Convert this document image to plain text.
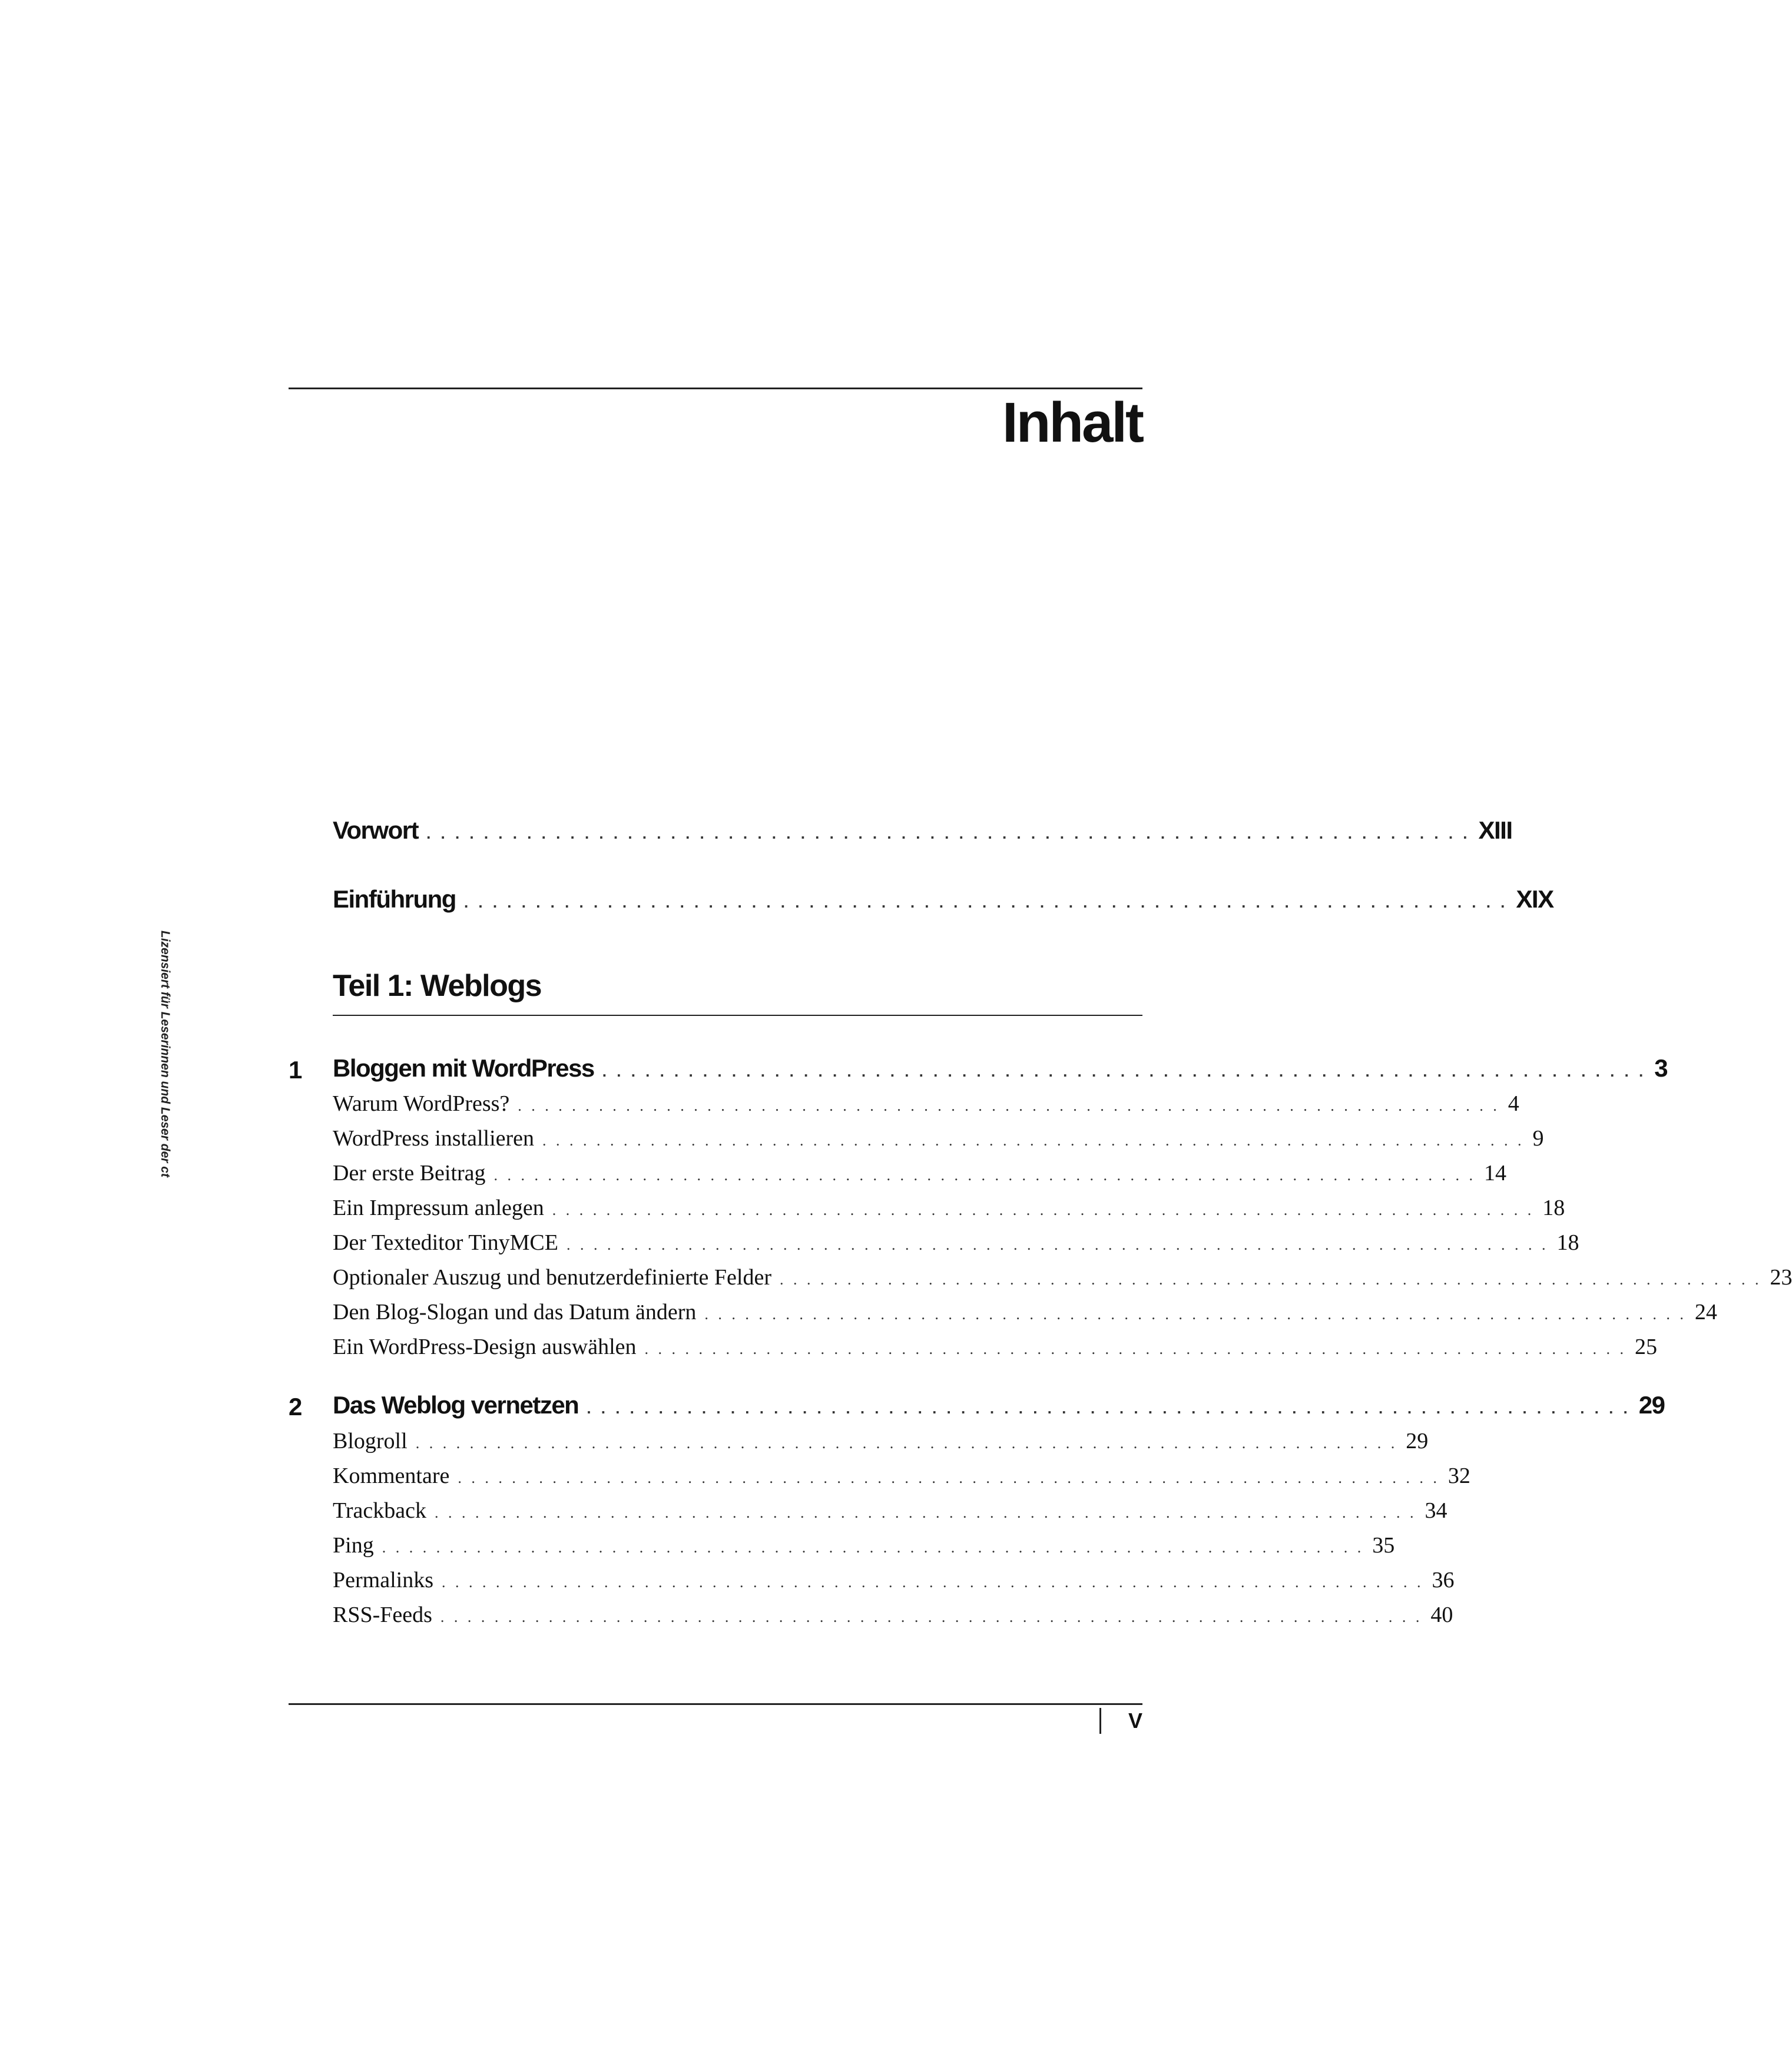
Inhalt
Lizensiert für Leserinnen und Leser der ct
Vorwort . . . . . . . . . . . . . . . . . . . . . . . . . . . . . . . . . . . . . . . . . . . . . . . . . . . . . . . . . . . . . . . . . . . . . . . . . XIII
Einführung . . . . . . . . . . . . . . . . . . . . . . . . . . . . . . . . . . . . . . . . . . . . . . . . . . . . . . . . . . . . . . . . . . . . . . . . . XIX
Teil 1: Weblogs
1 Bloggen mit WordPress . . . . . . . . . . . . . . . . . . . . . . . . . . . . . . . . . . . . . . . . . . . . . . . . . . . . . . . . . . . . . . . . . . . . . . . . . 3
Warum WordPress? . . . . . . . . . . . . . . . . . . . . . . . . . . . . . . . . . . . . . . . . . . . . . . . . . . . . . . . . . . . . . . . . . . . . . . . . . 4
WordPress installieren . . . . . . . . . . . . . . . . . . . . . . . . . . . . . . . . . . . . . . . . . . . . . . . . . . . . . . . . . . . . . . . . . . . . . . . . . 9
Der erste Beitrag . . . . . . . . . . . . . . . . . . . . . . . . . . . . . . . . . . . . . . . . . . . . . . . . . . . . . . . . . . . . . . . . . . . . . . . . . 14
Ein Impressum anlegen . . . . . . . . . . . . . . . . . . . . . . . . . . . . . . . . . . . . . . . . . . . . . . . . . . . . . . . . . . . . . . . . . . . . . . . . . 18
Der Texteditor TinyMCE . . . . . . . . . . . . . . . . . . . . . . . . . . . . . . . . . . . . . . . . . . . . . . . . . . . . . . . . . . . . . . . . . . . . . . . . . 18
Optionaler Auszug und benutzerdefinierte Felder . . . . . . . . . . . . . . . . . . . . . . . . . . . . . . . . . . . . . . . . . . . . . . . . . . . . . . . . . . . . . . . . . . . . . . . . . 23
Den Blog-Slogan und das Datum ändern . . . . . . . . . . . . . . . . . . . . . . . . . . . . . . . . . . . . . . . . . . . . . . . . . . . . . . . . . . . . . . . . . . . . . . . . . 24
Ein WordPress-Design auswählen . . . . . . . . . . . . . . . . . . . . . . . . . . . . . . . . . . . . . . . . . . . . . . . . . . . . . . . . . . . . . . . . . . . . . . . . . 25
2 Das Weblog vernetzen . . . . . . . . . . . . . . . . . . . . . . . . . . . . . . . . . . . . . . . . . . . . . . . . . . . . . . . . . . . . . . . . . . . . . . . . . 29
Blogroll . . . . . . . . . . . . . . . . . . . . . . . . . . . . . . . . . . . . . . . . . . . . . . . . . . . . . . . . . . . . . . . . . . . . . . . . . 29
Kommentare . . . . . . . . . . . . . . . . . . . . . . . . . . . . . . . . . . . . . . . . . . . . . . . . . . . . . . . . . . . . . . . . . . . . . . . . . 32
Trackback . . . . . . . . . . . . . . . . . . . . . . . . . . . . . . . . . . . . . . . . . . . . . . . . . . . . . . . . . . . . . . . . . . . . . . . . . 34
Ping . . . . . . . . . . . . . . . . . . . . . . . . . . . . . . . . . . . . . . . . . . . . . . . . . . . . . . . . . . . . . . . . . . . . . . . . . 35
Permalinks . . . . . . . . . . . . . . . . . . . . . . . . . . . . . . . . . . . . . . . . . . . . . . . . . . . . . . . . . . . . . . . . . . . . . . . . . 36
RSS-Feeds . . . . . . . . . . . . . . . . . . . . . . . . . . . . . . . . . . . . . . . . . . . . . . . . . . . . . . . . . . . . . . . . . . . . . . . . . 40
V
